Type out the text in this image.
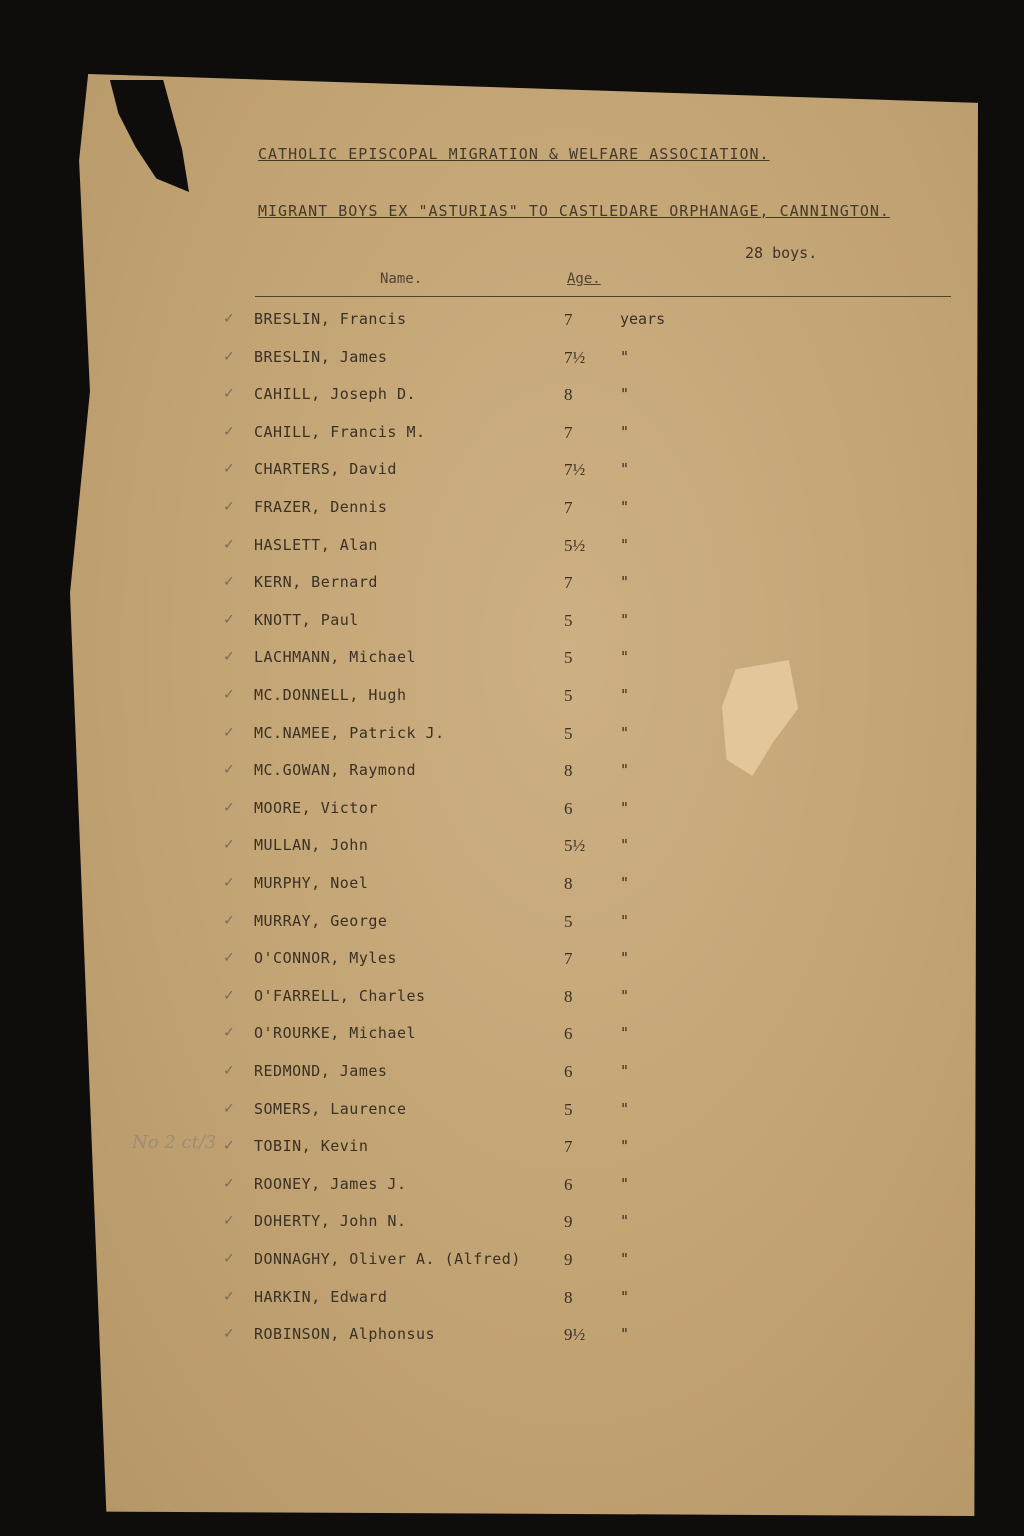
CATHOLIC EPISCOPAL MIGRATION & WELFARE ASSOCIATION.
MIGRANT BOYS EX "ASTURIAS" TO CASTLEDARE ORPHANAGE, CANNINGTON.
28 boys.
Name.	Age.
No 2 ct/3
✓ BRESLIN, Francis	7	years
✓ BRESLIN, James	7½ "
✓ CAHILL, Joseph D.	8	"
✓ CAHILL, Francis M.	7	"
✓ CHARTERS, David	7½ "
✓ FRAZER, Dennis	7	"
✓ HASLETT, Alan	5½ "
✓ KERN, Bernard	7	"
✓ KNOTT, Paul	5	"
✓ LACHMANN, Michael	5	"
✓ MC.DONNELL, Hugh	5	"
✓ MC.NAMEE, Patrick J.	5	"
✓ MC.GOWAN, Raymond	8	"
✓ MOORE, Victor	6	"
✓ MULLAN, John	5½ "
✓ MURPHY, Noel	8	"
✓ MURRAY, George	5	"
✓ O'CONNOR, Myles	7	"
✓ O'FARRELL, Charles	8	"
✓ O'ROURKE, Michael	6	"
✓ REDMOND, James	6	"
✓ SOMERS, Laurence	5	"
✓ TOBIN, Kevin	7	"
✓ ROONEY, James J.	6	"
✓ DOHERTY, John N.	9	"
✓ DONNAGHY, Oliver A. (Alfred)	9	"
✓ HARKIN, Edward	8	"
✓ ROBINSON, Alphonsus	9½ "
